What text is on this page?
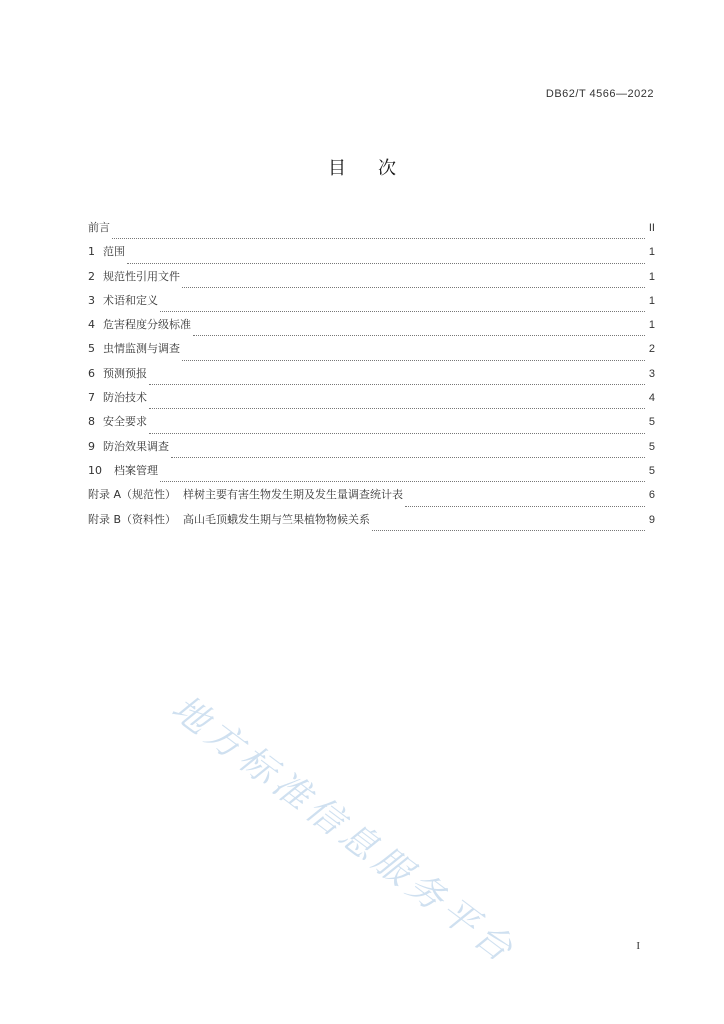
DB62/T 4566—2022
目 次
前言	II
1 范围	1
2 规范性引用文件	1
3 术语和定义	1
4 危害程度分级标准	1
5 虫情监测与调查	2
6 预测预报	3
7 防治技术	4
8 安全要求	5
9 防治效果调查	5
10 档案管理	5
附录 A（规范性）  样树主要有害生物发生期及发生量调查统计表	6
附录 B（资料性）  高山毛顶蛾发生期与竺果植物物候关系	9
地方标准信息服务平台	I
